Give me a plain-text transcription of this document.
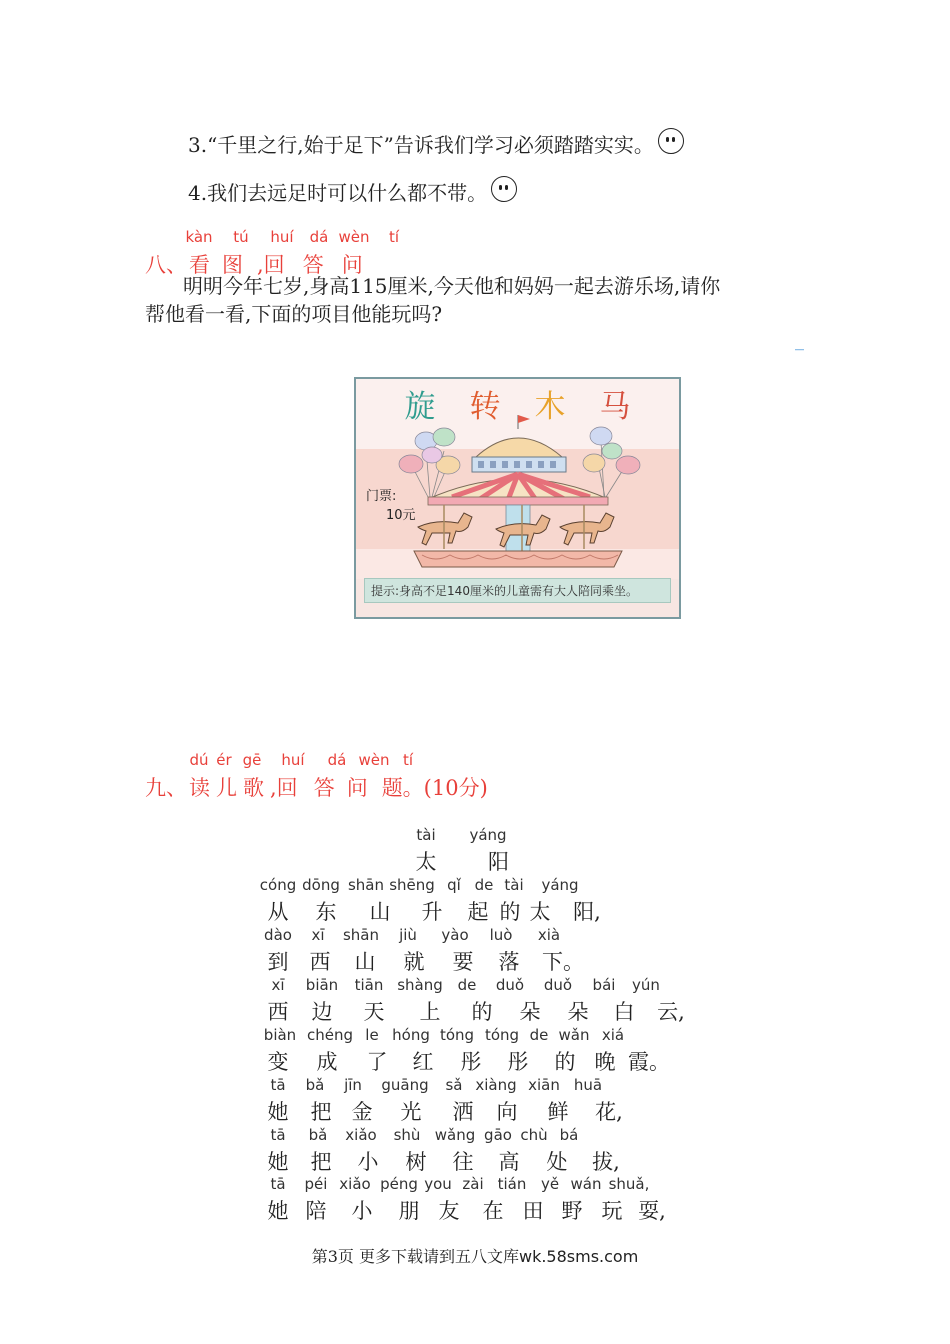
3.“千里之行,始于足下”告诉我们学习必须踏踏实实。
4.我们去远足时可以什么都不带。
kàn	tú	huí	dá wèn	tí
八、看 图 ,回 答 问
明明今年七岁,身高115厘米,今天他和妈妈一起去游乐场,请你
帮他看一看,下面的项目他能玩吗?
_
旋 转 木 马
门票:
10元
提示:身高不足140厘米的儿童需有大人陪同乘坐。
dú ér gē	huí	dá wèn tí
九、读 儿 歌 ,回 答 问 题。(10分)
tài	yáng
太	阳
cóng dōng shān shēng qǐ de tài	yáng
从	东	山	升	起 的 太	阳,
dào	xī	shān	jiù	yào	luò	xià
到	西	山	就	要	落	下。
xī	biān	tiān shàng de	duǒ	duǒ	bái	yún
西	边	天	上	的	朵	朵	白	云,
biàn chéng le hóng tóng tóng de wǎn xiá
变	成	了	红	彤	彤	的 晚 霞。
tā	bǎ	jīn	guāng	sǎ xiàng xiān huā
她	把 金	光	洒	向	鲜	花,
tā	bǎ	xiǎo	shù wǎng gāo chù bá
她	把	小	树	往	高	处	拔,
tā	péi xiǎo péng you zài tián yě wán shuǎ,
她 陪	小	朋 友	在 田 野 玩 耍,
第3页 更多下载请到五八文库wk.58sms.com
